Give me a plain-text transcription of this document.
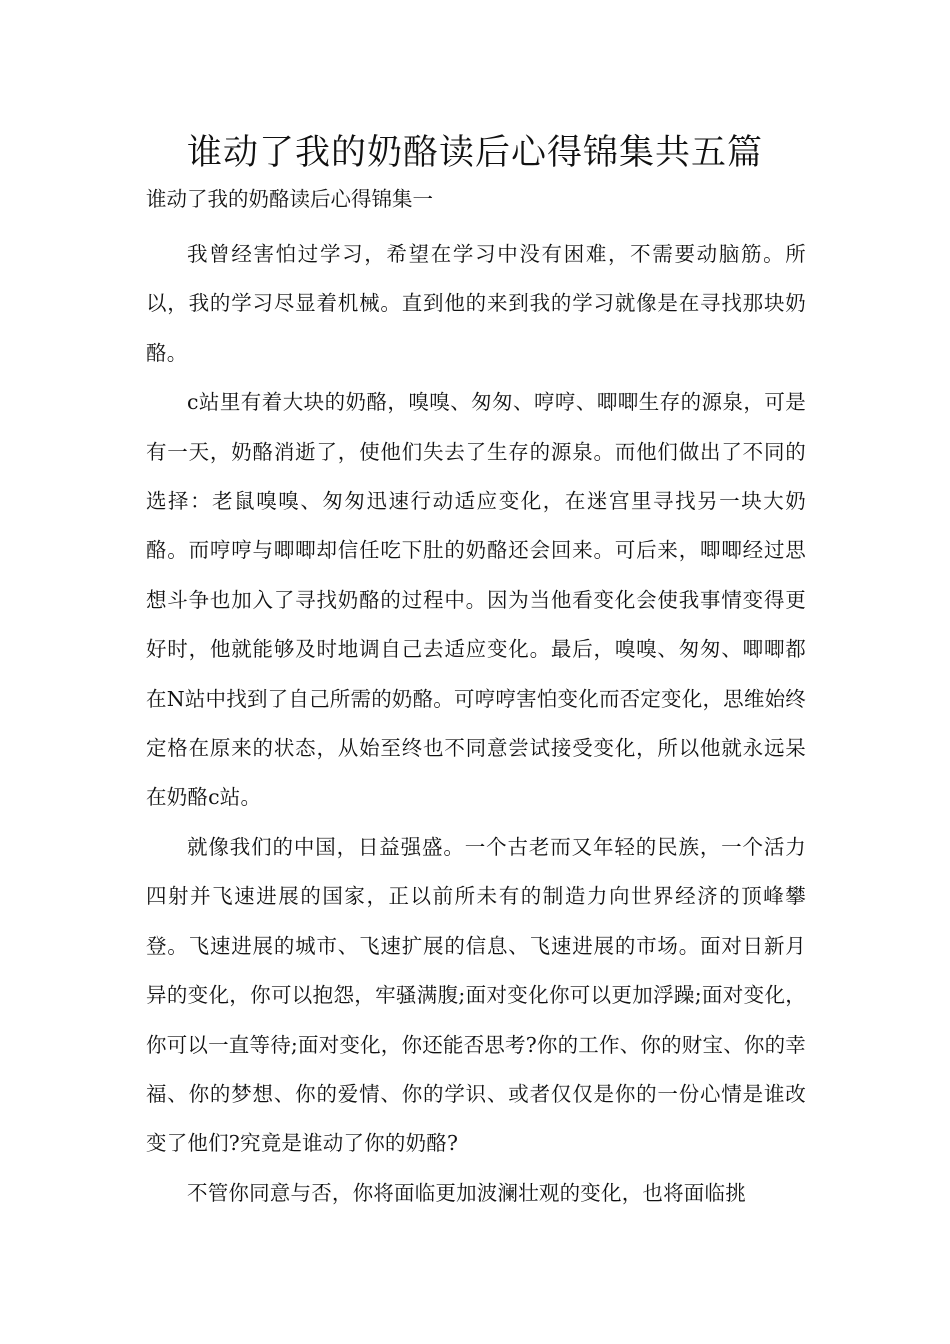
谁动了我的奶酪读后心得锦集共五篇

谁动了我的奶酪读后心得锦集一

我曾经害怕过学习，希望在学习中没有困难，不需要动脑筋。所以，我的学习尽显着机械。直到他的来到我的学习就像是在寻找那块奶酪。

c站里有着大块的奶酪，嗅嗅、匆匆、哼哼、唧唧生存的源泉，可是有一天，奶酪消逝了，使他们失去了生存的源泉。而他们做出了不同的选择：老鼠嗅嗅、匆匆迅速行动适应变化，在迷宫里寻找另一块大奶酪。而哼哼与唧唧却信任吃下肚的奶酪还会回来。可后来，唧唧经过思想斗争也加入了寻找奶酪的过程中。因为当他看变化会使我事情变得更好时，他就能够及时地调自己去适应变化。最后，嗅嗅、匆匆、唧唧都在N站中找到了自己所需的奶酪。可哼哼害怕变化而否定变化，思维始终定格在原来的状态，从始至终也不同意尝试接受变化，所以他就永远呆在奶酪c站。

就像我们的中国，日益强盛。一个古老而又年轻的民族，一个活力四射并飞速进展的国家，正以前所未有的制造力向世界经济的顶峰攀登。飞速进展的城市、飞速扩展的信息、飞速进展的市场。面对日新月异的变化，你可以抱怨，牢骚满腹;面对变化你可以更加浮躁;面对变化，你可以一直等待;面对变化，你还能否思考?你的工作、你的财宝、你的幸福、你的梦想、你的爱情、你的学识、或者仅仅是你的一份心情是谁改变了他们?究竟是谁动了你的奶酪?

不管你同意与否，你将面临更加波澜壮观的变化，也将面临挑
